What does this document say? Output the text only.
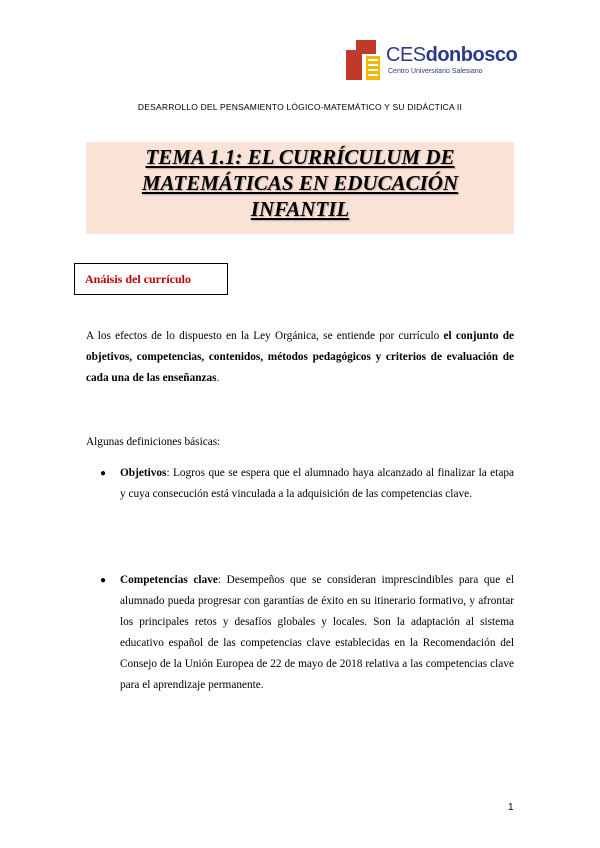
CESdonbosco
Centro Universitario Salesiano
DESARROLLO DEL PENSAMIENTO LÓGICO-MATEMÁTICO Y SU DIDÁCTICA II
TEMA 1.1: EL CURRÍCULUM DE
MATEMÁTICAS EN EDUCACIÓN
INFANTIL
Anáisis del currículo
A los efectos de lo dispuesto en la Ley Orgánica, se entiende por currículo el conjunto de objetivos, competencias, contenidos, métodos pedagógicos y criterios de evaluación de cada una de las enseñanzas.
Algunas definiciones básicas:
● Objetivos: Logros que se espera que el alumnado haya alcanzado al finalizar la etapa y cuya consecución está vinculada a la adquisición de las competencias clave.
● Competencias clave: Desempeños que se consideran imprescindibles para que el alumnado pueda progresar con garantías de éxito en su itinerario formativo, y afrontar los principales retos y desafíos globales y locales. Son la adaptación al sistema educativo español de las competencias clave establecidas en la Recomendación del Consejo de la Unión Europea de 22 de mayo de 2018 relativa a las competencias clave para el aprendizaje permanente.
1
